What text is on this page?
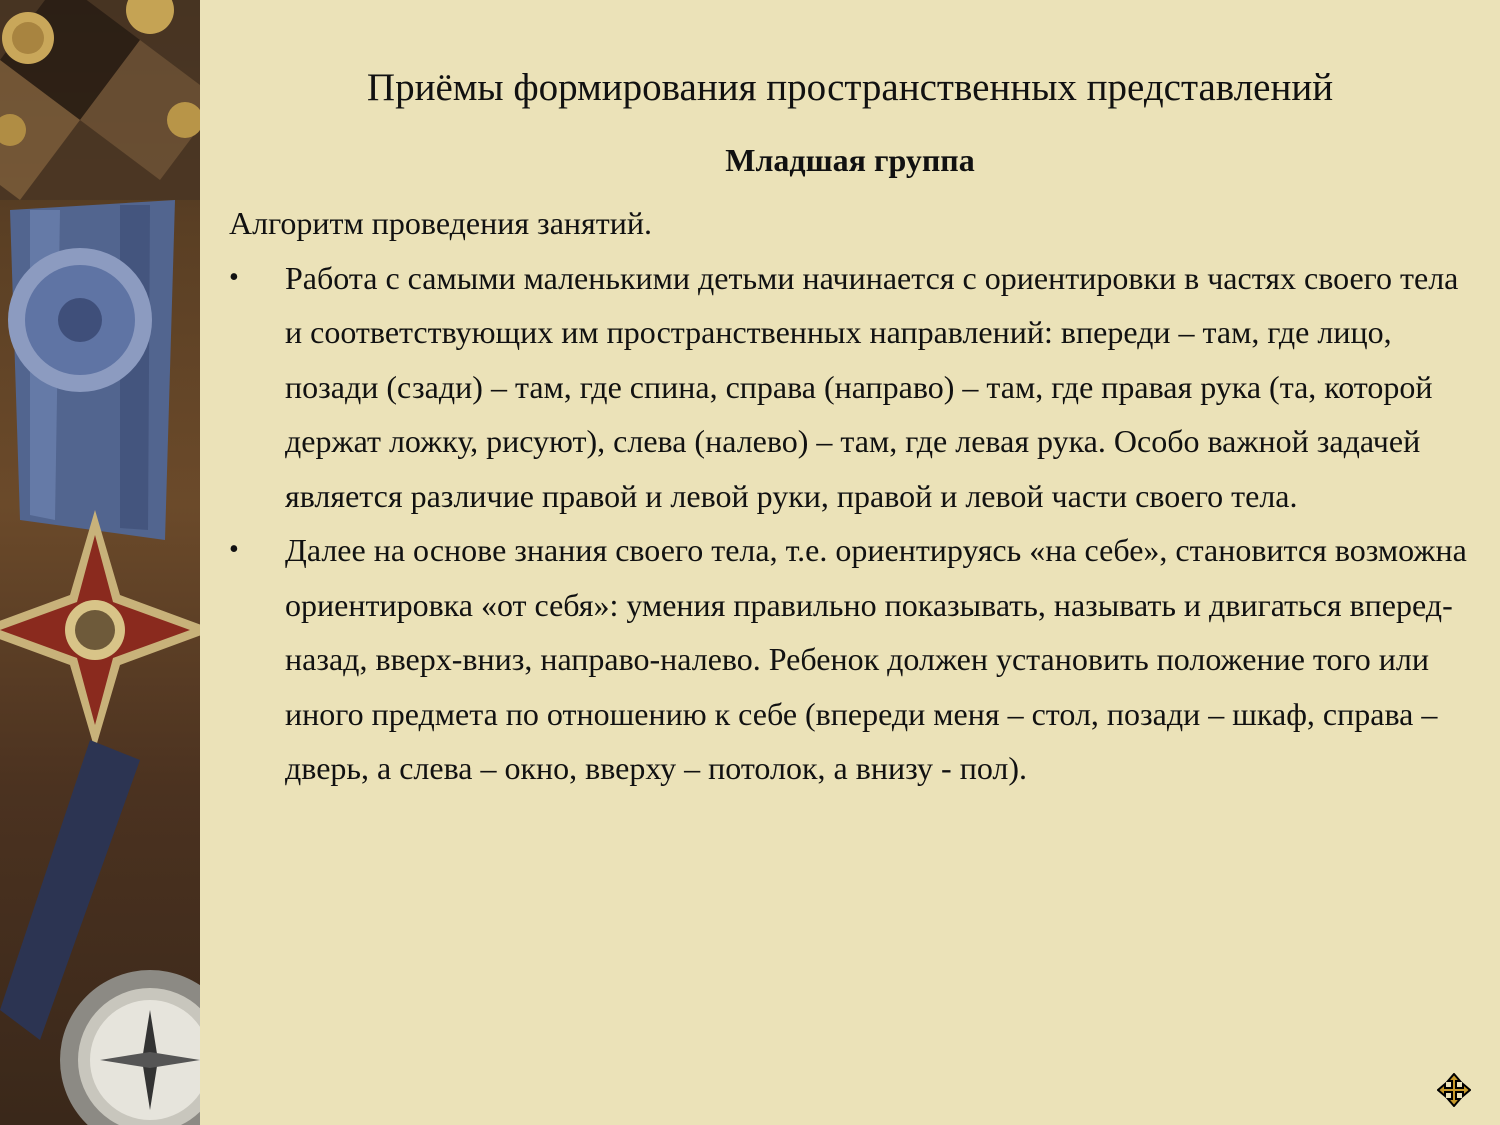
Приёмы формирования пространственных представлений
Младшая группа

Алгоритм проведения занятий.

•	Работа с самыми маленькими детьми начинается с ориентировки в частях своего тела и соответствующих им пространственных направлений: впереди – там, где лицо, позади (сзади) – там, где спина, справа (направо) – там, где правая рука (та, которой держат ложку, рисуют), слева (налево) – там, где левая рука. Особо важной задачей является различие правой и левой руки, правой и левой части своего тела.
•	Далее на основе знания своего тела, т.е. ориентируясь «на себе», становится возможна ориентировка «от себя»: умения правильно показывать, называть и двигаться вперед-назад, вверх-вниз, направо-налево. Ребенок должен установить положение того или иного предмета по отношению к себе (впереди меня – стол, позади – шкаф, справа – дверь, а слева – окно, вверху – потолок, а внизу - пол).
